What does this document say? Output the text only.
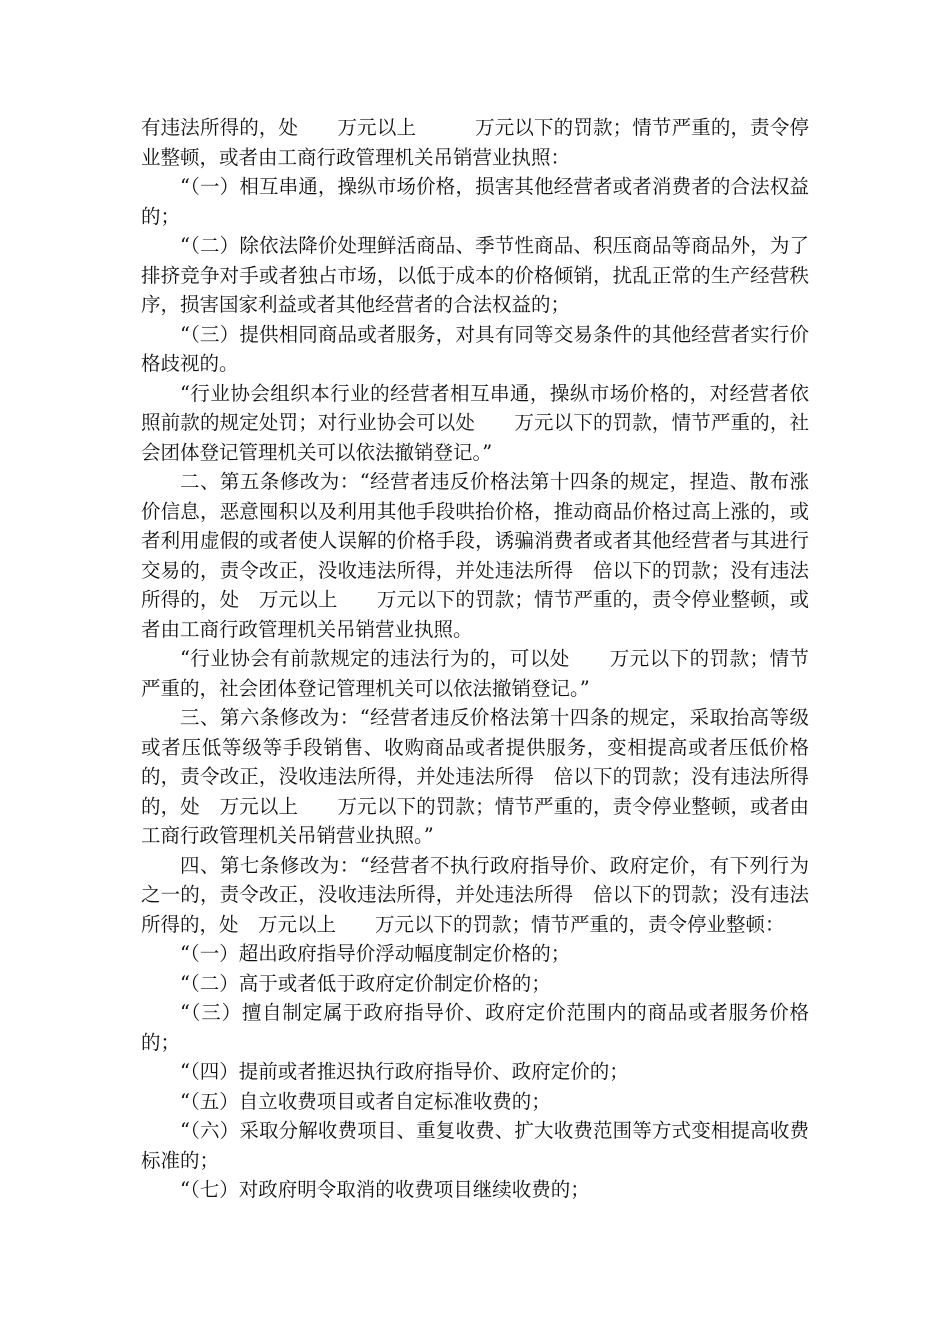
有违法所得的，处　　万元以上　　　万元以下的罚款；情节严重的，责令停业整顿，或者由工商行政管理机关吊销营业执照：

“（一）相互串通，操纵市场价格，损害其他经营者或者消费者的合法权益的；

“（二）除依法降价处理鲜活商品、季节性商品、积压商品等商品外，为了排挤竞争对手或者独占市场，以低于成本的价格倾销，扰乱正常的生产经营秩序，损害国家利益或者其他经营者的合法权益的；

“（三）提供相同商品或者服务，对具有同等交易条件的其他经营者实行价格歧视的。

“行业协会组织本行业的经营者相互串通，操纵市场价格的，对经营者依照前款的规定处罚；对行业协会可以处　　万元以下的罚款，情节严重的，社会团体登记管理机关可以依法撤销登记。”

二、第五条修改为：“经营者违反价格法第十四条的规定，捏造、散布涨价信息，恶意囤积以及利用其他手段哄抬价格，推动商品价格过高上涨的，或者利用虚假的或者使人误解的价格手段，诱骗消费者或者其他经营者与其进行交易的，责令改正，没收违法所得，并处违法所得　倍以下的罚款；没有违法所得的，处　万元以上　　万元以下的罚款；情节严重的，责令停业整顿，或者由工商行政管理机关吊销营业执照。

“行业协会有前款规定的违法行为的，可以处　　万元以下的罚款；情节严重的，社会团体登记管理机关可以依法撤销登记。”

三、第六条修改为：“经营者违反价格法第十四条的规定，采取抬高等级或者压低等级等手段销售、收购商品或者提供服务，变相提高或者压低价格的，责令改正，没收违法所得，并处违法所得　倍以下的罚款；没有违法所得的，处　万元以上　　万元以下的罚款；情节严重的，责令停业整顿，或者由工商行政管理机关吊销营业执照。”

四、第七条修改为：“经营者不执行政府指导价、政府定价，有下列行为之一的，责令改正，没收违法所得，并处违法所得　倍以下的罚款；没有违法所得的，处　万元以上　　万元以下的罚款；情节严重的，责令停业整顿：

“（一）超出政府指导价浮动幅度制定价格的；

“（二）高于或者低于政府定价制定价格的；

“（三）擅自制定属于政府指导价、政府定价范围内的商品或者服务价格的；

“（四）提前或者推迟执行政府指导价、政府定价的；

“（五）自立收费项目或者自定标准收费的；

“（六）采取分解收费项目、重复收费、扩大收费范围等方式变相提高收费标准的；

“（七）对政府明令取消的收费项目继续收费的；
